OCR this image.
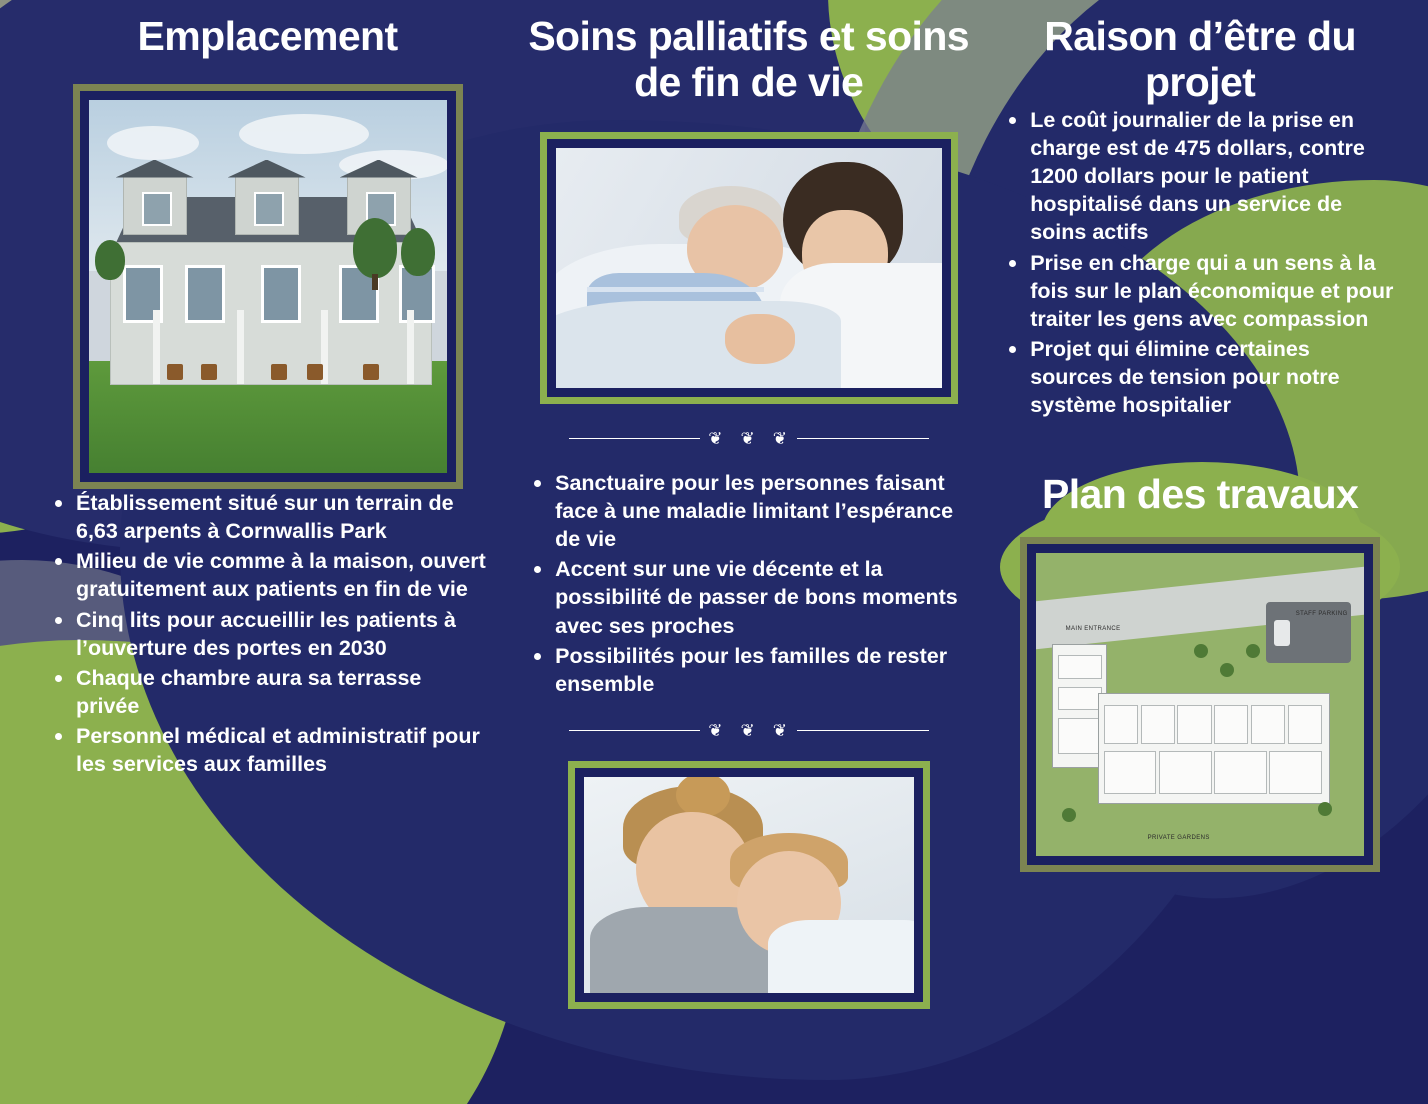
Emplacement
Établissement situé sur un terrain de 6,63 arpents à Cornwallis Park
Milieu de vie comme à la maison, ouvert gratuitement aux patients en fin de vie
Cinq lits pour accueillir les patients à l’ouverture des portes en 2030
Chaque chambre aura sa terrasse privée
Personnel médical et administratif pour les services aux familles
Soins palliatifs et soins de fin de vie
❦ ❦ ❦
Sanctuaire pour les personnes faisant face à une maladie limitant l’espérance de vie
Accent sur une vie décente et la possibilité de passer de bons moments avec ses proches
Possibilités pour les familles de rester ensemble
❦ ❦ ❦
Raison d’être du projet
Le coût journalier de la prise en charge est de 475 dollars, contre 1200 dollars pour le patient hospitalisé dans un service de soins actifs
Prise en charge qui a un sens à la fois sur le plan économique et pour traiter les gens avec compassion
Projet qui élimine certaines sources de tension pour notre système hospitalier
Plan des travaux
MAIN ENTRANCE
STAFF PARKING
PRIVATE GARDENS
